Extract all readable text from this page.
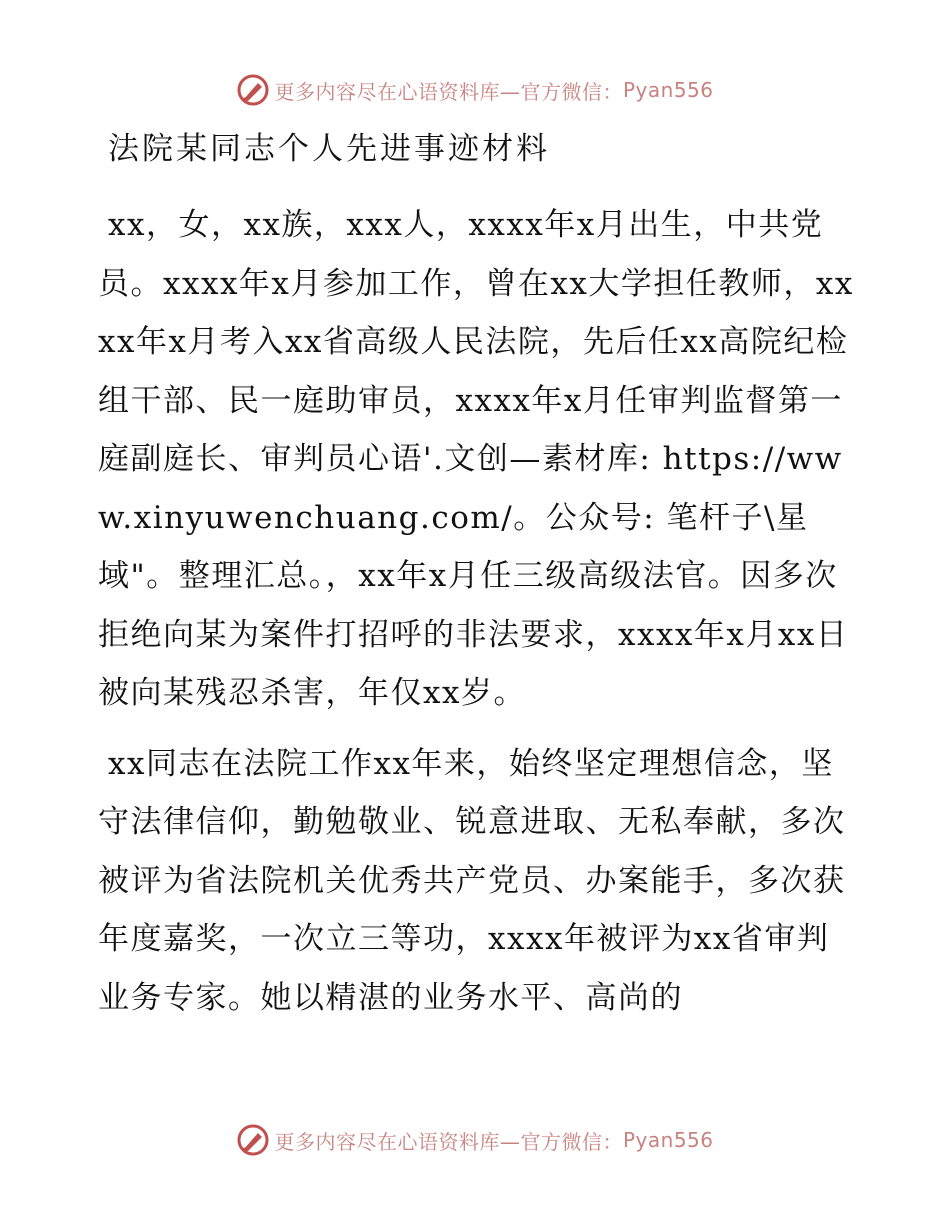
更多内容尽在心语资料库—官方微信： Pyan556
法院某同志个人先进事迹材料

xx，女，xx族，xxx人，xxxx年x月出生，中共党员。xxxx年x月参加工作，曾在xx大学担任教师，xxxx年x月考入xx省高级人民法院，先后任xx高院纪检组干部、民一庭助审员，xxxx年x月任审判监督第一庭副庭长、审判员心语'.文创—素材库: https://www.xinyuwenchuang.com/。公众号: 笔杆子\星域"。整理汇总。，xx年x月任三级高级法官。因多次拒绝向某为案件打招呼的非法要求，xxxx年x月xx日被向某残忍杀害，年仅xx岁。

xx同志在法院工作xx年来，始终坚定理想信念，坚守法律信仰，勤勉敬业、锐意进取、无私奉献，多次被评为省法院机关优秀共产党员、办案能手，多次获年度嘉奖，一次立三等功，xxxx年被评为xx省审判业务专家。她以精湛的业务水平、高尚的

更多内容尽在心语资料库—官方微信： Pyan556
